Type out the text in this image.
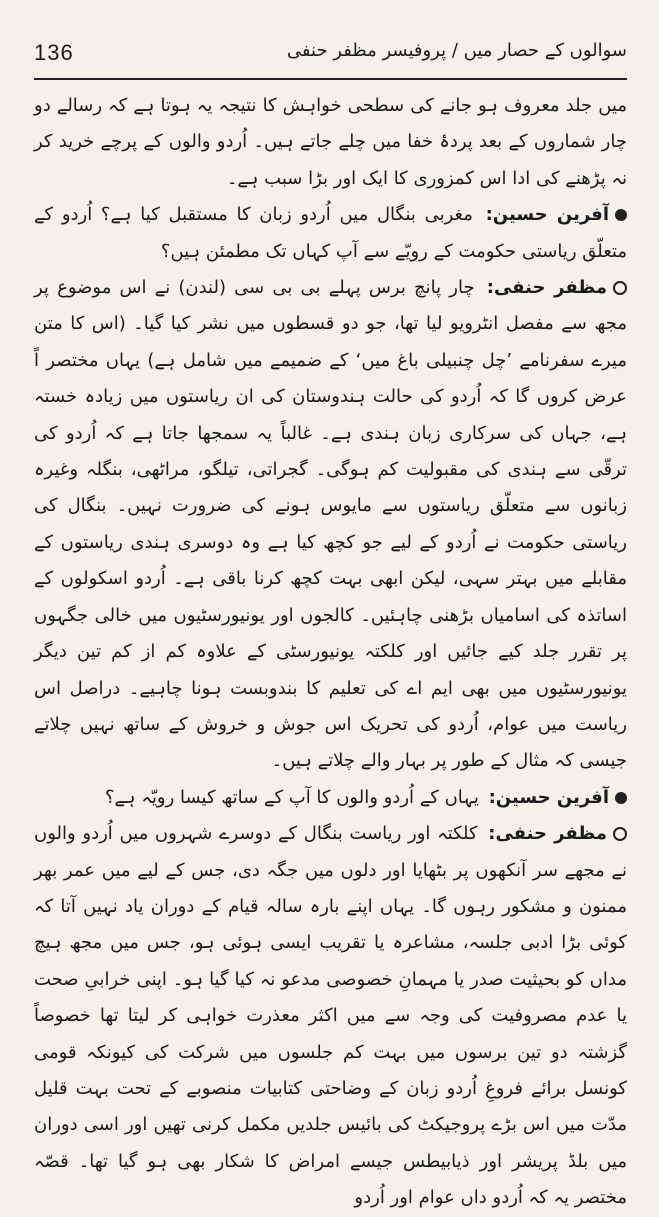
136	سوالوں کے حصار میں / پروفیسر مظفر حنفی

میں جلد معروف ہو جانے کی سطحی خواہش کا نتیجہ یہ ہوتا ہے کہ رسالے دو چار شماروں کے بعد پردۂ خفا میں چلے جاتے ہیں۔ اُردو والوں کے پرچے خرید کر نہ پڑھنے کی ادا اس کمزوری کا ایک اور بڑا سبب ہے۔

آفرین حسین: مغربی بنگال میں اُردو زبان کا مستقبل کیا ہے؟ اُردو کے متعلّق ریاستی حکومت کے رویّے سے آپ کہاں تک مطمئن ہیں؟

مظفر حنفی: چار پانچ برس پہلے بی بی سی (لندن) نے اس موضوع پر مجھ سے مفصل انٹرویو لیا تھا، جو دو قسطوں میں نشر کیا گیا۔ (اس کا متن میرے سفرنامے ’چل چنبیلی باغ میں‘ کے ضمیمے میں شامل ہے) یہاں مختصر اً عرض کروں گا کہ اُردو کی حالت ہندوستان کی ان ریاستوں میں زیادہ خستہ ہے، جہاں کی سرکاری زبان ہندی ہے۔ غالباً یہ سمجھا جاتا ہے کہ اُردو کی ترقّی سے ہندی کی مقبولیت کم ہوگی۔ گجراتی، تیلگو، مراٹھی، بنگلہ وغیرہ زبانوں سے متعلّق ریاستوں سے مایوس ہونے کی ضرورت نہیں۔ بنگال کی ریاستی حکومت نے اُردو کے لیے جو کچھ کیا ہے وہ دوسری ہندی ریاستوں کے مقابلے میں بہتر سہی، لیکن ابھی بہت کچھ کرنا باقی ہے۔ اُردو اسکولوں کے اساتذہ کی اسامیاں بڑھنی چاہئیں۔ کالجوں اور یونیورسٹیوں میں خالی جگہوں پر تقرر جلد کیے جائیں اور کلکتہ یونیورسٹی کے علاوہ کم از کم تین دیگر یونیورسٹیوں میں بھی ایم اے کی تعلیم کا بندوبست ہونا چاہیے۔ دراصل اس ریاست میں عوام، اُردو کی تحریک اس جوش و خروش کے ساتھ نہیں چلاتے جیسی کہ مثال کے طور پر بہار والے چلاتے ہیں۔

آفرین حسین: یہاں کے اُردو والوں کا آپ کے ساتھ کیسا رویّہ ہے؟

مظفر حنفی: کلکتہ اور ریاست بنگال کے دوسرے شہروں میں اُردو والوں نے مجھے سر آنکھوں پر بٹھایا اور دلوں میں جگہ دی، جس کے لیے میں عمر بھر ممنون و مشکور رہوں گا۔ یہاں اپنے بارہ سالہ قیام کے دوران یاد نہیں آتا کہ کوئی بڑا ادبی جلسہ، مشاعرہ یا تقریب ایسی ہوئی ہو، جس میں مجھ ہیچ مداں کو بحیثیت صدر یا مہمانِ خصوصی مدعو نہ کیا گیا ہو۔ اپنی خرابیِ صحت یا عدم مصروفیت کی وجہ سے میں اکثر معذرت خواہی کر لیتا تھا خصوصاً گزشتہ دو تین برسوں میں بہت کم جلسوں میں شرکت کی کیونکہ قومی کونسل برائے فروغِ اُردو زبان کے وضاحتی کتابیات منصوبے کے تحت بہت قلیل مدّت میں اس بڑے پروجیکٹ کی بائیس جلدیں مکمل کرنی تھیں اور اسی دوران میں بلڈ پریشر اور ذیابیطس جیسے امراض کا شکار بھی ہو گیا تھا۔ قصّہ مختصر یہ کہ اُردو داں عوام اور اُردو
